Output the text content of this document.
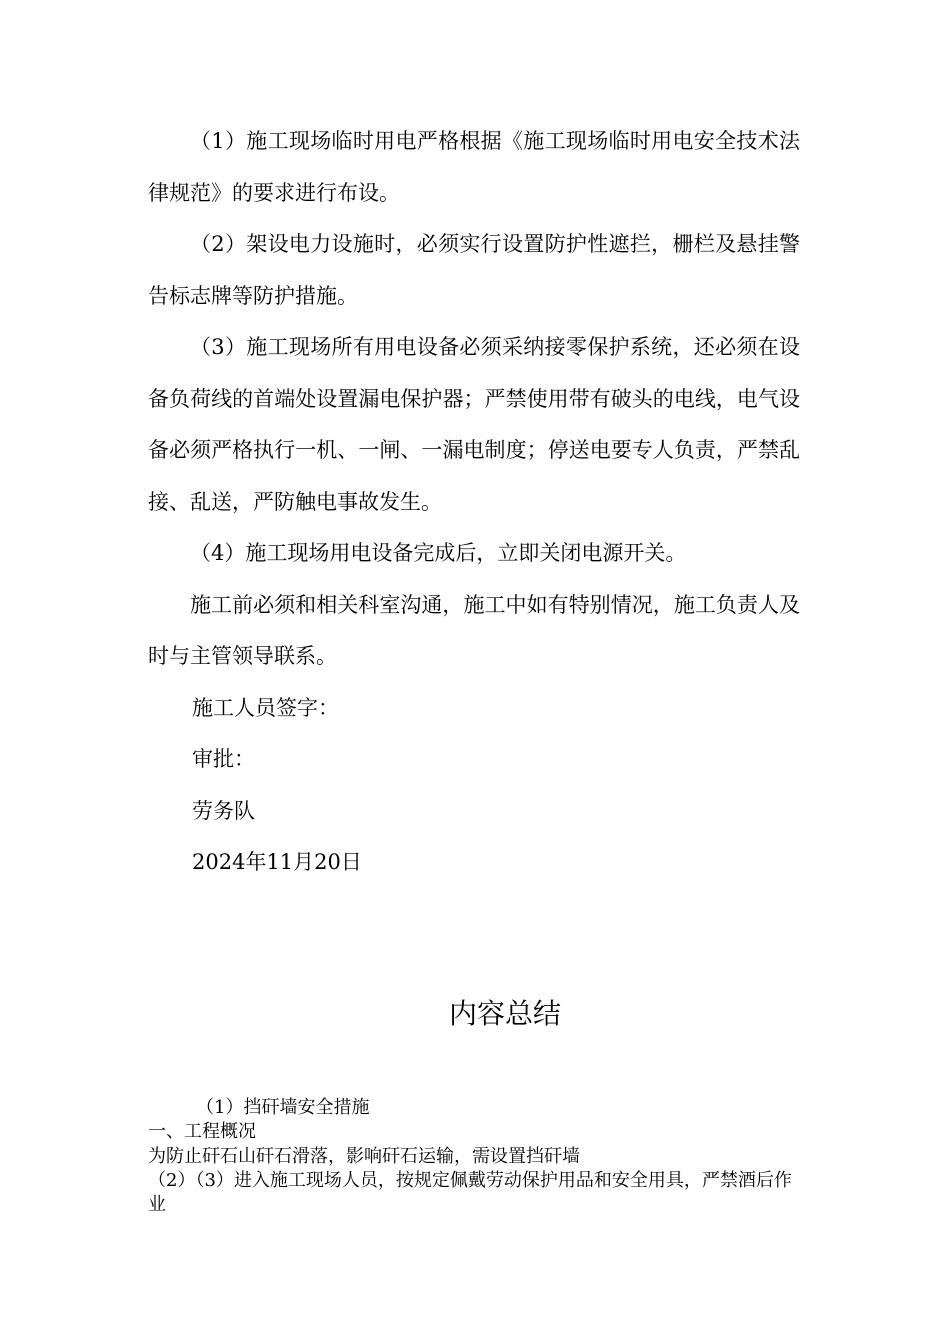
（1）施工现场临时用电严格根据《施工现场临时用电安全技术法律规范》的要求进行布设。

（2）架设电力设施时，必须实行设置防护性遮拦，栅栏及悬挂警告标志牌等防护措施。

（3）施工现场所有用电设备必须采纳接零保护系统，还必须在设备负荷线的首端处设置漏电保护器；严禁使用带有破头的电线，电气设备必须严格执行一机、一闸、一漏电制度；停送电要专人负责，严禁乱接、乱送，严防触电事故发生。

（4）施工现场用电设备完成后，立即关闭电源开关。

施工前必须和相关科室沟通，施工中如有特别情况，施工负责人及时与主管领导联系。

施工人员签字：

审批：

劳务队

2024年11月20日

内容总结

（1）挡矸墙安全措施

一、工程概况

为防止矸石山矸石滑落，影响矸石运输，需设置挡矸墙

（2）（3）进入施工现场人员，按规定佩戴劳动保护用品和安全用具，严禁酒后作业
